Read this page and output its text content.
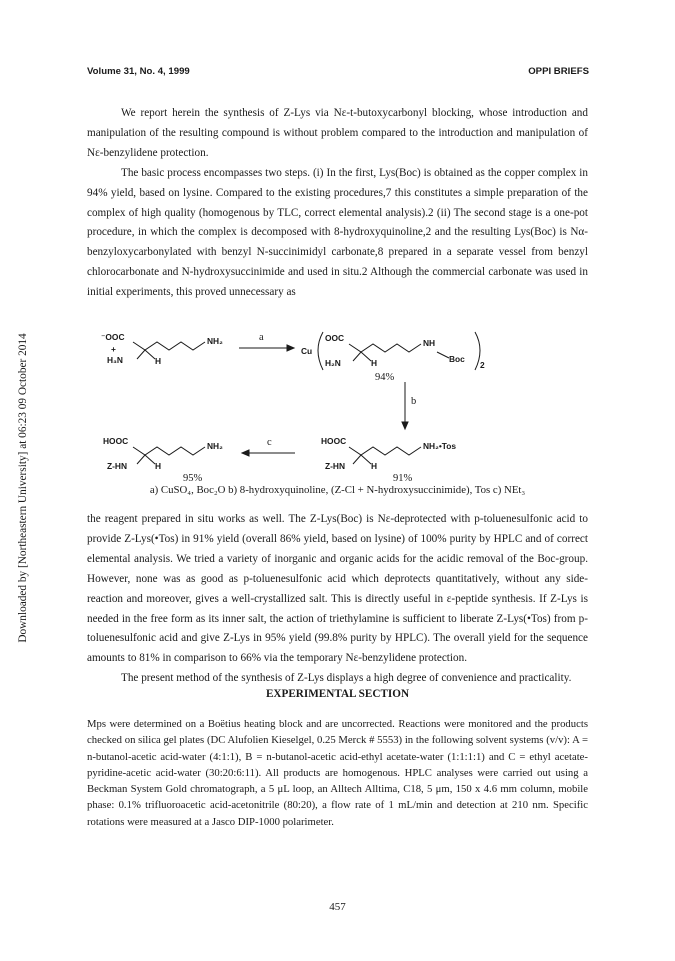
Downloaded by [Northeastern University] at 06:23 09 October 2014
Volume 31, No. 4, 1999	OPPI BRIEFS

We report herein the synthesis of Z-Lys via Nε-t-butoxycarbonyl blocking, whose introduction and manipulation of the resulting compound is without problem compared to the introduction and manipulation of Nε-benzylidene protection.

The basic process encompasses two steps. (i) In the first, Lys(Boc) is obtained as the copper complex in 94% yield, based on lysine. Compared to the existing procedures,7 this constitutes a simple preparation of the complex of high quality (homogenous by TLC, correct elemental analysis).2 (ii) The second stage is a one-pot procedure, in which the complex is decomposed with 8-hydroxyquinoline,2 and the resulting Lys(Boc) is Nα-benzyloxycarbonylated with benzyl N-succinimidyl carbonate,8 prepared in a separate vessel from benzyl chlorocarbonate and N-hydroxysuccinimide and used in situ.2 Although the commercial carbonate was used in initial experiments, this proved unnecessary as

⁻OOC
+
H₃N	H
NH₂	a
Cu
OOC
H₂N	H
NH
Boc
2
94%
b
HOOC
Z-HN	H
NH₂•Tos
91%
c
HOOC
Z-HN	H
NH₂
95%
a) CuSO₄, Boc₂O b) 8-hydroxyquinoline, (Z-Cl + N-hydroxysuccinimide), Tos c) NEt₃

the reagent prepared in situ works as well. The Z-Lys(Boc) is Nε-deprotected with p-toluenesulfonic acid to provide Z-Lys(•Tos) in 91% yield (overall 86% yield, based on lysine) of 100% purity by HPLC and of correct elemental analysis. We tried a variety of inorganic and organic acids for the acidic removal of the Boc-group. However, none was as good as p-toluenesulfonic acid which deprotects quantitatively, without any side-reaction and moreover, gives a well-crystallized salt. This is directly useful in ε-peptide synthesis. If Z-Lys is needed in the free form as its inner salt, the action of triethylamine is sufficient to liberate Z-Lys(•Tos) from p-toluenesulfonic acid and give Z-Lys in 95% yield (99.8% purity by HPLC). The overall yield for the sequence amounts to 81% in comparison to 66% via the temporary Nε-benzylidene protection.

The present method of the synthesis of Z-Lys displays a high degree of convenience and practicality.

EXPERIMENTAL SECTION

Mps were determined on a Boëtius heating block and are uncorrected. Reactions were monitored and the products checked on silica gel plates (DC Alufolien Kieselgel, 0.25 Merck # 5553) in the following solvent systems (v/v): A = n-butanol-acetic acid-water (4:1:1), B = n-butanol-acetic acid-ethyl acetate-water (1:1:1:1) and C = ethyl acetate-pyridine-acetic acid-water (30:20:6:11). All products are homogenous. HPLC analyses were carried out using a Beckman System Gold chromatograph, a 5 μL loop, an Alltech Alltima, C18, 5 μm, 150 x 4.6 mm column, mobile phase: 0.1% trifluoroacetic acid-acetonitrile (80:20), a flow rate of 1 mL/min and detection at 210 nm. Specific rotations were measured at a Jasco DIP-1000 polarimeter.

457
